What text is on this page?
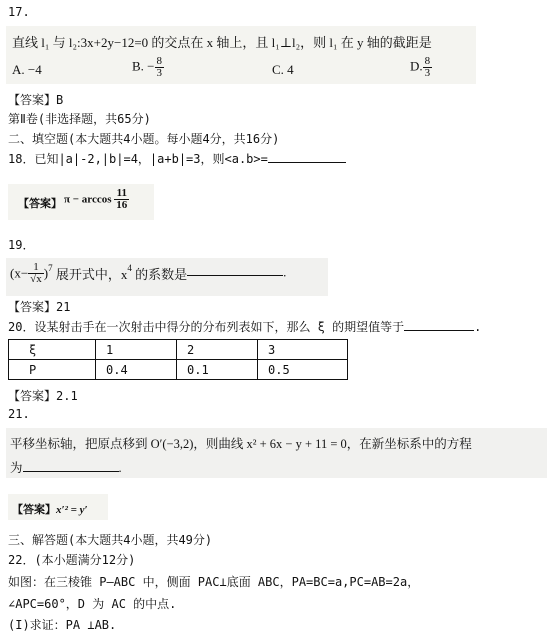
17.
直线 l₁ 与 l₂:3x+2y−12=0 的交点在 x 轴上，且 l₁⊥l₂，则 l₁ 在 y 轴的截距是
A. −4	B. − $\frac{8}{3}$	C. 4	D. $\frac{8}{3}$
【答案】B
第Ⅱ卷(非选择题，共65分)
二、填空题(本大题共4小题。每小题4分，共16分)
18．已知|a|-2,|b|=4，|a+b|=3，则<a.b>=
【答案】 $\pi - \arccos \frac{11}{16}$
19．
$(x- \frac{1}{√x} )^7$ 展开式中，$x^4$ 的系数是	.
【答案】21
20．设某射击手在一次射击中得分的分布列表如下，那么 ξ 的期望值等于	.
ξ	1	2	3
P	0.4	0.1	0.5
【答案】2.1
21.
平移坐标轴，把原点移到 O′(−3,2)，则曲线 x² + 6x − y + 11 = 0，在新坐标系中的方程
为	.
【答案】x′² = y′
三、解答题(本大题共4小题，共49分)
22．(本小题满分12分)
如图：在三棱锥 P—ABC 中，侧面 PAC⊥底面 ABC，PA=BC=a,PC=AB=2a，
∠APC=60°，D 为 AC 的中点.
(I)求证：PA ⊥AB.
